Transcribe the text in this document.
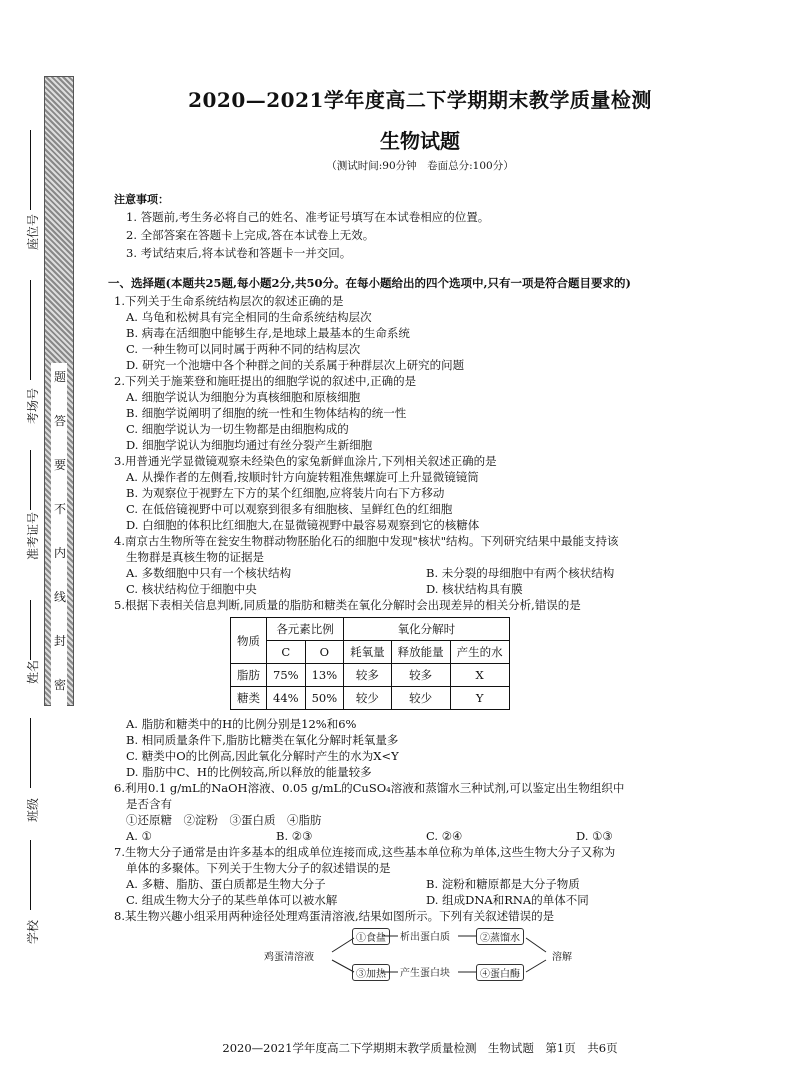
题
答
要
不
内
线
封
密
学校
班级
姓名
准考证号
考场号
座位号
2020—2021学年度高二下学期期末教学质量检测
生物试题

（测试时间:90分钟　卷面总分:100分）

注意事项：

1. 答题前,考生务必将自己的姓名、准考证号填写在本试卷相应的位置。

2. 全部答案在答题卡上完成,答在本试卷上无效。

3. 考试结束后,将本试卷和答题卡一并交回。

一、选择题(本题共25题,每小题2分,共50分。在每小题给出的四个选项中,只有一项是符合题目要求的)

1.下列关于生命系统结构层次的叙述正确的是

A. 乌龟和松树具有完全相同的生命系统结构层次

B. 病毒在活细胞中能够生存,是地球上最基本的生命系统

C. 一种生物可以同时属于两种不同的结构层次

D. 研究一个池塘中各个种群之间的关系属于种群层次上研究的问题

2.下列关于施莱登和施旺提出的细胞学说的叙述中,正确的是

A. 细胞学说认为细胞分为真核细胞和原核细胞

B. 细胞学说阐明了细胞的统一性和生物体结构的统一性

C. 细胞学说认为一切生物都是由细胞构成的

D. 细胞学说认为细胞均通过有丝分裂产生新细胞

3.用普通光学显微镜观察未经染色的家兔新鲜血涂片,下列相关叙述正确的是

A. 从操作者的左侧看,按顺时针方向旋转粗准焦螺旋可上升显微镜镜筒

B. 为观察位于视野左下方的某个红细胞,应将装片向右下方移动

C. 在低倍镜视野中可以观察到很多有细胞核、呈鲜红色的红细胞

D. 白细胞的体积比红细胞大,在显微镜视野中最容易观察到它的核糖体

4.南京古生物所等在瓮安生物群动物胚胎化石的细胞中发现"核状"结构。下列研究结果中最能支持该

生物群是真核生物的证据是

A. 多数细胞中只有一个核状结构	B. 未分裂的母细胞中有两个核状结构
C. 核状结构位于细胞中央	D. 核状结构具有膜

5.根据下表相关信息判断,同质量的脂肪和糖类在氧化分解时会出现差异的相关分析,错误的是

物质	各元素比例		氧化分解时		
	C	O	耗氧量	释放能量	产生的水
脂肪	75%	13%	较多	较多	X
糖类	44%	50%	较少	较少	Y

A. 脂肪和糖类中的H的比例分别是12%和6%

B. 相同质量条件下,脂肪比糖类在氧化分解时耗氧量多

C. 糖类中O的比例高,因此氧化分解时产生的水为X<Y

D. 脂肪中C、H的比例较高,所以释放的能量较多

6.利用0.1 g/mL的NaOH溶液、0.05 g/mL的CuSO₄溶液和蒸馏水三种试剂,可以鉴定出生物组织中

是否含有

①还原糖　②淀粉　③蛋白质　④脂肪

A. ①	B. ②③	C. ②④	D. ①③

7.生物大分子通常是由许多基本的组成单位连接而成,这些基本单位称为单体,这些生物大分子又称为

单体的多聚体。下列关于生物大分子的叙述错误的是

A. 多糖、脂肪、蛋白质都是生物大分子	B. 淀粉和糖原都是大分子物质
C. 组成生物大分子的某些单体可以被水解	D. 组成DNA和RNA的单体不同

8.某生物兴趣小组采用两种途径处理鸡蛋清溶液,结果如图所示。下列有关叙述错误的是

鸡蛋清溶液
①食盐	析出蛋白质	②蒸馏水
③加热	产生蛋白块	④蛋白酶
溶解
2020—2021学年度高二下学期期末教学质量检测　生物试题　第1页　共6页
